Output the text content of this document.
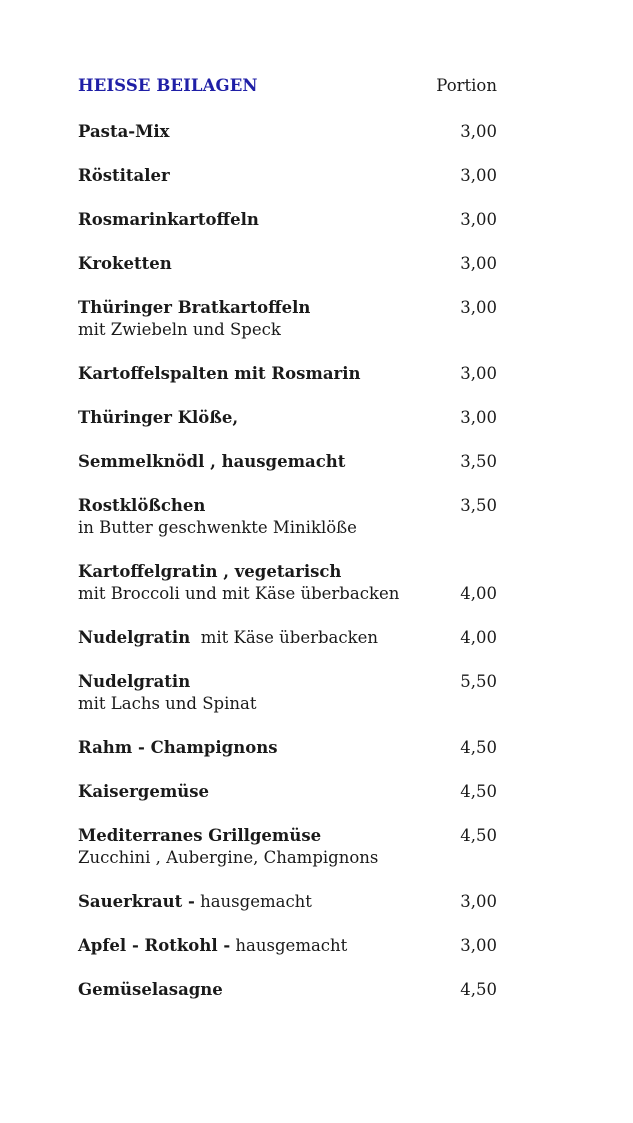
HEISSE BEILAGEN	Portion
Pasta-Mix	3,00
Röstitaler	3,00
Rosmarinkartoffeln	3,00
Kroketten	3,00
Thüringer Bratkartoffeln	3,00
mit Zwiebeln und Speck
Kartoffelspalten mit Rosmarin	3,00
Thüringer Klöße,	3,00
Semmelknödl , hausgemacht	3,50
Rostklößchen	3,50
in Butter geschwenkte Miniklöße
Kartoffelgratin , vegetarisch
mit Broccoli und mit Käse überbacken	4,00
Nudelgratin  mit Käse überbacken	4,00
Nudelgratin	5,50
mit Lachs und Spinat
Rahm - Champignons	4,50
Kaisergemüse	4,50
Mediterranes Grillgemüse	4,50
Zucchini , Aubergine, Champignons
Sauerkraut - hausgemacht	3,00
Apfel - Rotkohl - hausgemacht	3,00
Gemüselasagne	4,50
